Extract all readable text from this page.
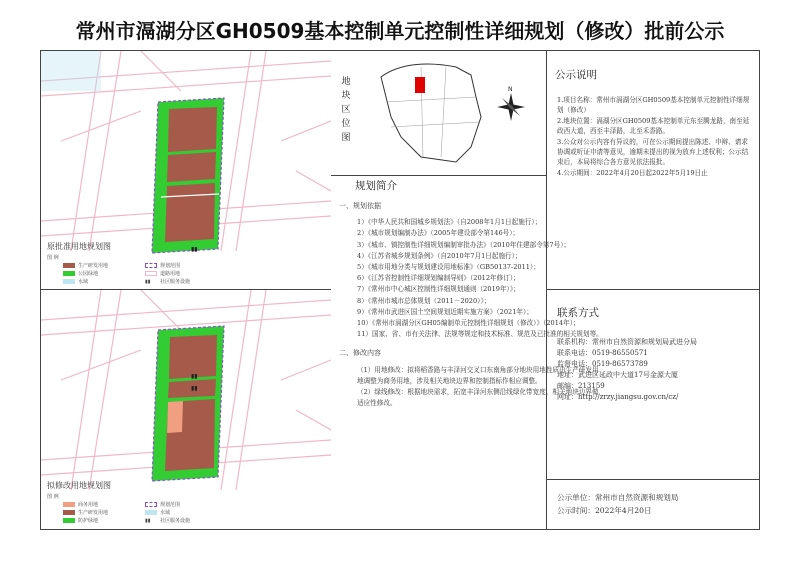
常州市滆湖分区GH0509基本控制单元控制性详细规划（修改）批前公示
▮▮
原批准用地规划图
图 例
生产研发用地
公园绿地
水域
规划范围
道路用地
▮▮	社区服务设施
▮▮
▮▮
拟修改用地规划图
图 例
商务用地
生产研发用地
防护绿地
规划范围
水域
▮▮	社区服务设施
地块区位图
N
规划简介

一、规划依据

1）《中华人民共和国城乡规划法》（自2008年1月1日起施行）；

2）《城市规划编制办法》（2005年建设部令第146号）；

3）《城市、镇控制性详细规划编制审批办法》（2010年住建部令第7号）；

4）《江苏省城乡规划条例》（自2010年7月1日起施行）；

5）《城市用地分类与规划建设用地标准》（GB50137-2011）；

6）《江苏省控制性详细规划编制导则》（2012年修订）；

7）《常州市中心城区控制性详细规划通则（2019年）》；

8）《常州市城市总体规划（2011－2020）》；

9）《常州市武进区国土空间规划近期实施方案》（2021年）；

10）《常州市滆湖分区GH05编制单元控制性详细规划（修改）》（2014年）；

11）国家、省、市有关法律、法规等规定和技术标准、规范及已批准的相关规划等。

二、修改内容

（1）用地修改：拟将稻香路与丰泽河交叉口东南角部分地块用地性质由生产研发用地调整为商务用地，涉及相关地块边界和控制指标作相应调整。

（2）绿线修改：根据地块需求，拓宽丰泽河东侧沿线绿化带宽度，相关地块边界做适应性修改。

公示说明

1.项目名称：常州市滆湖分区GH0509基本控制单元控制性详细规划（修改）

2.地块位置：滆湖分区GH0509基本控制单元东至腾龙路，南至延政西大道，西至丰泽路，北至禾香路。

3.公众对公示内容有异议的，可在公示期间提出陈述、申辩、请求协调或听证申请等意见，逾期未提出的视为放弃上述权利；公示结束后，本局将综合各方意见依法报批。

4.公示期间：2022年4月20日起2022年5月19日止

联系方式

联系机构：常州市自然资源和规划局武进分局

联系电话：0519-86550571

监督电话：0519-86573789

地址：武进区延政中大道17号金源大厦

邮编：213159

网址：http://zrzy.jiangsu.gov.cn/cz/

公示单位：常州市自然资源和规划局

公示时间：2022年4月20日
